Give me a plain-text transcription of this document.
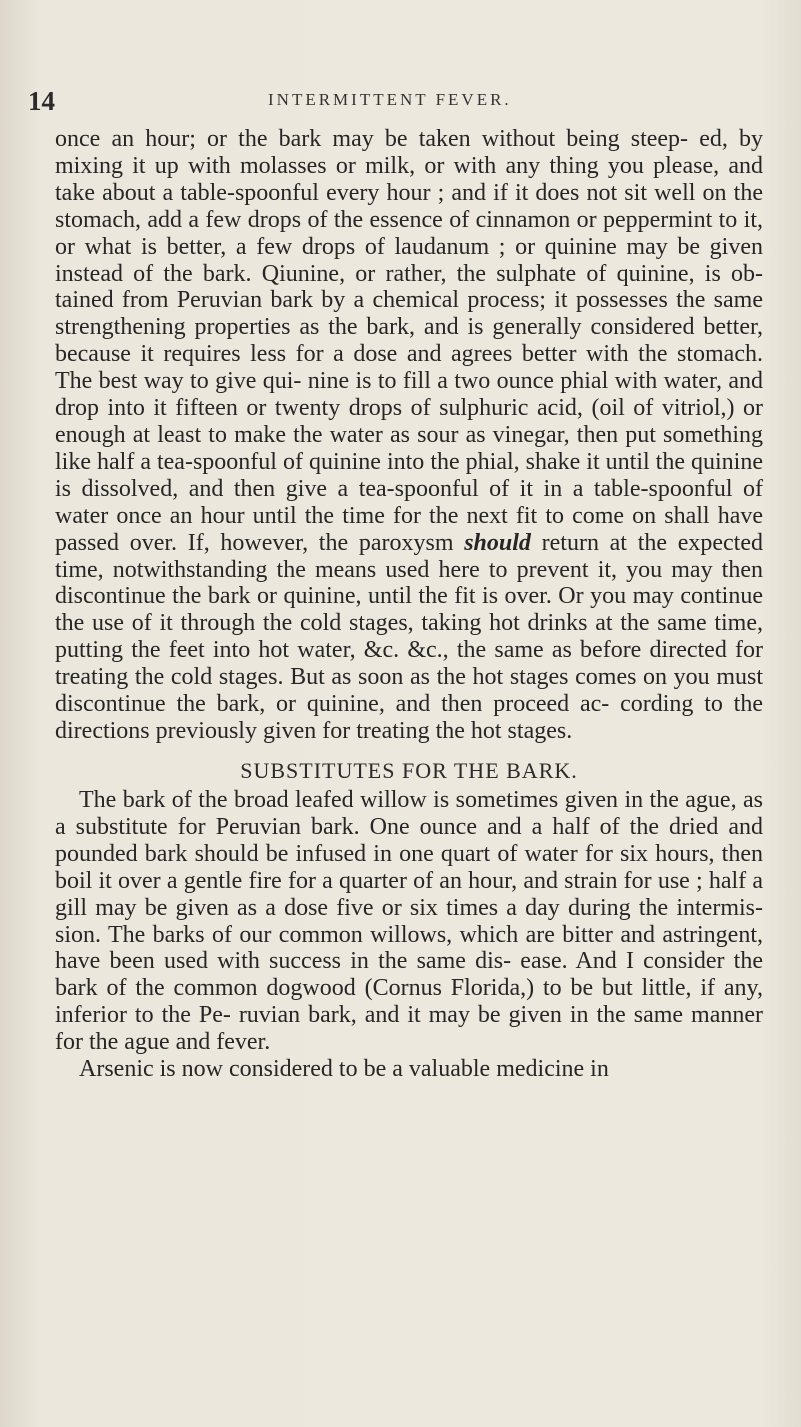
14	INTERMITTENT FEVER.

once an hour; or the bark may be taken without being steep- ed, by mixing it up with molasses or milk, or with any thing you please, and take about a table-spoonful every hour ; and if it does not sit well on the stomach, add a few drops of the essence of cinnamon or peppermint to it, or what is better, a few drops of laudanum ; or quinine may be given instead of the bark. Qiunine, or rather, the sulphate of quinine, is ob- tained from Peruvian bark by a chemical process; it possesses the same strengthening properties as the bark, and is generally considered better, because it requires less for a dose and agrees better with the stomach. The best way to give qui- nine is to fill a two ounce phial with water, and drop into it fifteen or twenty drops of sulphuric acid, (oil of vitriol,) or enough at least to make the water as sour as vinegar, then put something like half a tea-spoonful of quinine into the phial, shake it until the quinine is dissolved, and then give a tea-spoonful of it in a table-spoonful of water once an hour until the time for the next fit to come on shall have passed over. If, however, the paroxysm should return at the expected time, notwithstanding the means used here to prevent it, you may then discontinue the bark or quinine, until the fit is over. Or you may continue the use of it through the cold stages, taking hot drinks at the same time, putting the feet into hot water, &c. &c., the same as before directed for treating the cold stages. But as soon as the hot stages comes on you must discontinue the bark, or quinine, and then proceed ac- cording to the directions previously given for treating the hot stages.

SUBSTITUTES FOR THE BARK.

The bark of the broad leafed willow is sometimes given in the ague, as a substitute for Peruvian bark. One ounce and a half of the dried and pounded bark should be infused in one quart of water for six hours, then boil it over a gentle fire for a quarter of an hour, and strain for use ; half a gill may be given as a dose five or six times a day during the intermis- sion. The barks of our common willows, which are bitter and astringent, have been used with success in the same dis- ease. And I consider the bark of the common dogwood (Cornus Florida,) to be but little, if any, inferior to the Pe- ruvian bark, and it may be given in the same manner for the ague and fever.

Arsenic is now considered to be a valuable medicine in
